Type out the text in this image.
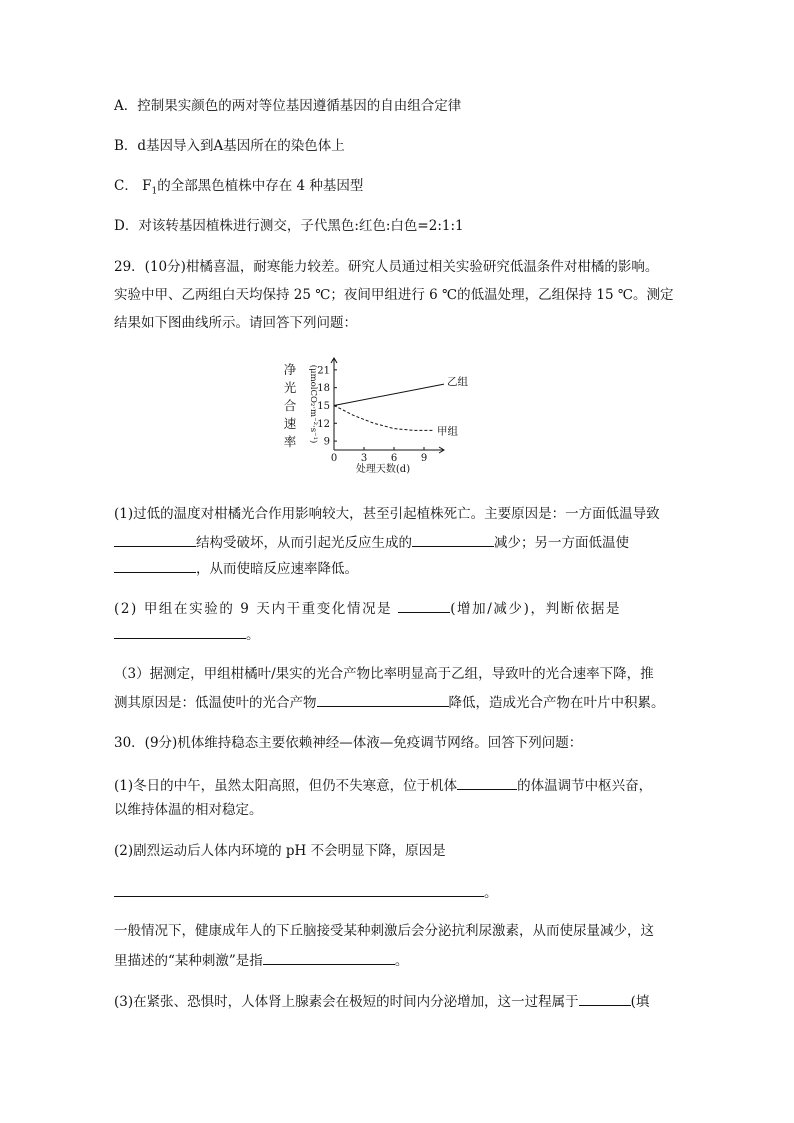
A．控制果实颜色的两对等位基因遵循基因的自由组合定律
B．d基因导入到A基因所在的染色体上
C． $F_1$的全部黑色植株中存在 4 种基因型
D．对该转基因植株进行测交，子代黑色:红色:白色=2:1:1
29．(10分)柑橘喜温，耐寒能力较差。研究人员通过相关实验研究低温条件对柑橘的影响。
实验中甲、乙两组白天均保持 25 ℃；夜间甲组进行 6 ℃的低温处理，乙组保持 15 ℃。测定
结果如下图曲线所示。请回答下列问题：
净
光
合
速
率 (μmolCO₂·m⁻²·s⁻¹) 9
12
15
18
21
0 3 6 9
乙组
甲组
处理天数(d)
(1)过低的温度对柑橘光合作用影响较大，甚至引起植株死亡。主要原因是：一方面低温导致
结构受破坏，从而引起光反应生成的	减少；另一方面低温使
，从而使暗反应速率降低。
(2) 甲组在实验的 9 天内干重变化情况是	(增加/减少)，判断依据是
。
（3）据测定，甲组柑橘叶/果实的光合产物比率明显高于乙组，导致叶的光合速率下降，推
测其原因是：低温使叶的光合产物	降低，造成光合产物在叶片中积累。
30．(9分)机体维持稳态主要依赖神经—体液—免疫调节网络。回答下列问题：
(1)冬日的中午，虽然太阳高照，但仍不失寒意，位于机体	的体温调节中枢兴奋，
以维持体温的相对稳定。
(2)剧烈运动后人体内环境的 pH 不会明显下降，原因是
。
一般情况下，健康成年人的下丘脑接受某种刺激后会分泌抗利尿激素，从而使尿量减少，这
里描述的“某种刺激”是指	。
(3)在紧张、恐惧时，人体肾上腺素会在极短的时间内分泌增加，这一过程属于	(填
